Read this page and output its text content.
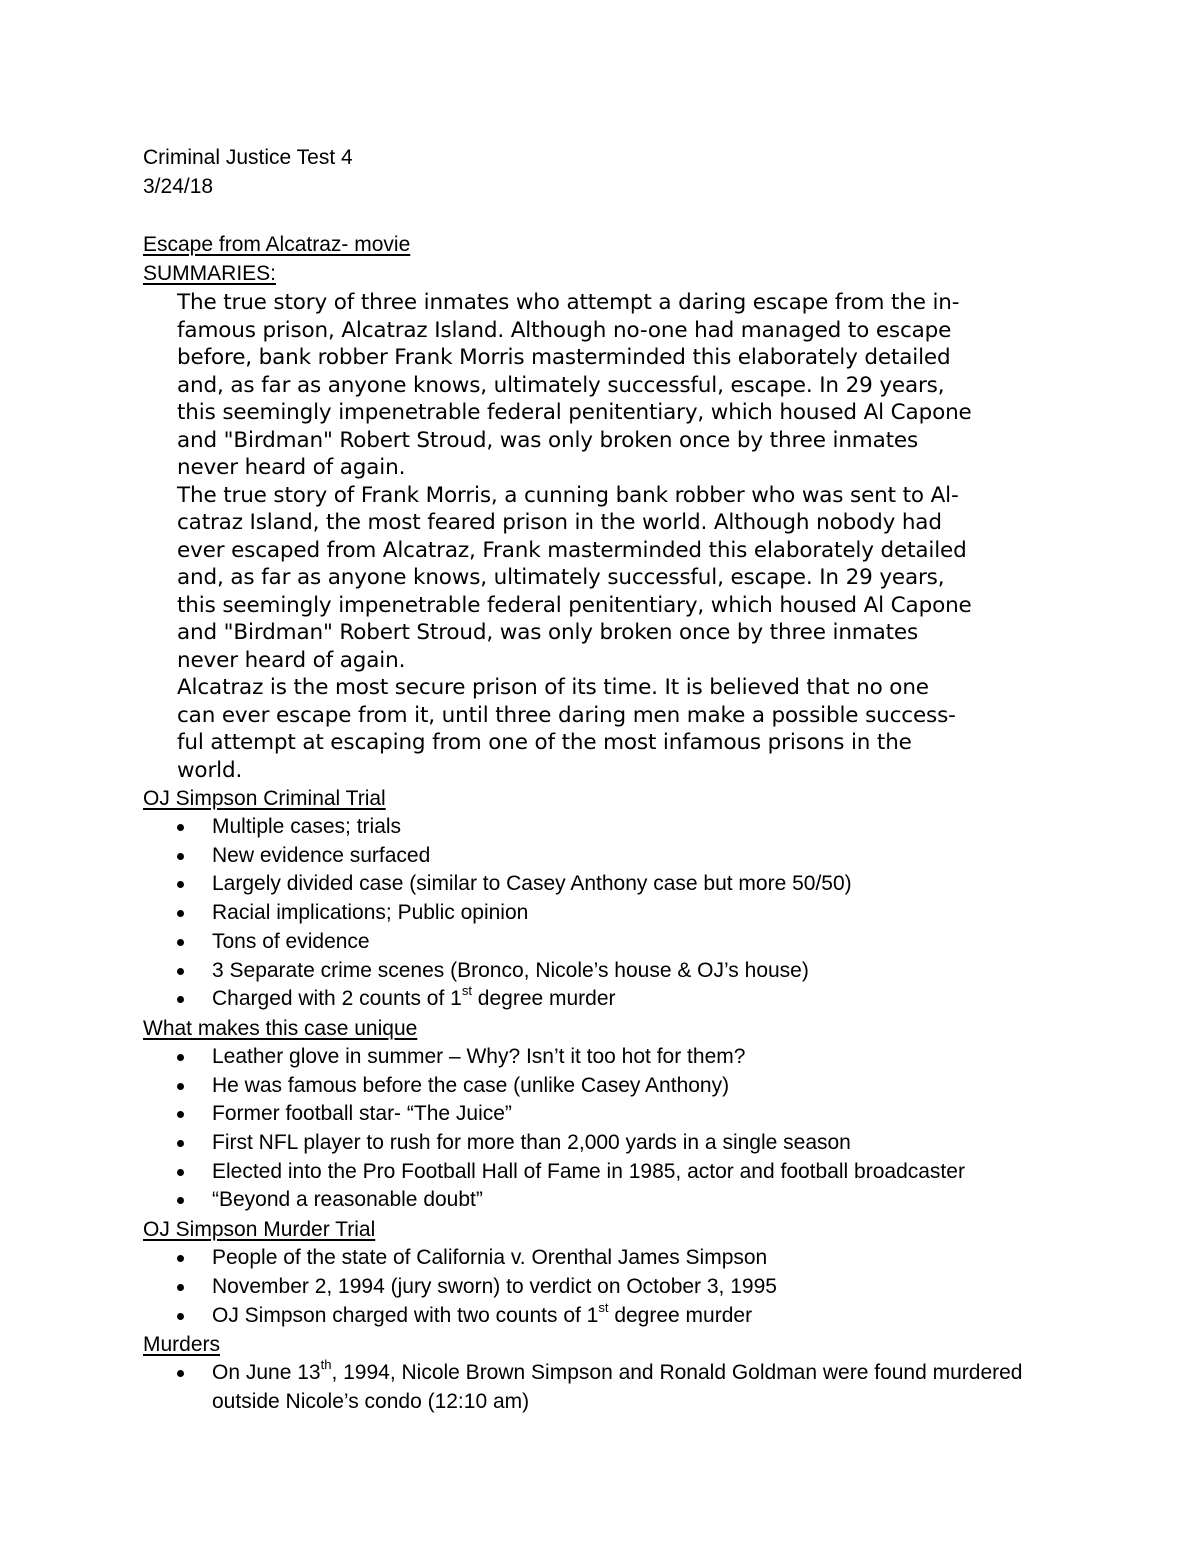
Criminal Justice Test 4
3/24/18
Escape from Alcatraz- movie
SUMMARIES:
The true story of three inmates who attempt a daring escape from the in-
famous prison, Alcatraz Island. Although no-one had managed to escape
before, bank robber Frank Morris masterminded this elaborately detailed
and, as far as anyone knows, ultimately successful, escape. In 29 years,
this seemingly impenetrable federal penitentiary, which housed Al Capone
and "Birdman" Robert Stroud, was only broken once by three inmates
never heard of again.
The true story of Frank Morris, a cunning bank robber who was sent to Al-
catraz Island, the most feared prison in the world. Although nobody had
ever escaped from Alcatraz, Frank masterminded this elaborately detailed
and, as far as anyone knows, ultimately successful, escape. In 29 years,
this seemingly impenetrable federal penitentiary, which housed Al Capone
and "Birdman" Robert Stroud, was only broken once by three inmates
never heard of again.
Alcatraz is the most secure prison of its time. It is believed that no one
can ever escape from it, until three daring men make a possible success-
ful attempt at escaping from one of the most infamous prisons in the
world.
OJ Simpson Criminal Trial
Multiple cases; trials
New evidence surfaced
Largely divided case (similar to Casey Anthony case but more 50/50)
Racial implications; Public opinion
Tons of evidence
3 Separate crime scenes (Bronco, Nicole’s house & OJ’s house)
Charged with 2 counts of 1st degree murder
What makes this case unique
Leather glove in summer – Why? Isn’t it too hot for them?
He was famous before the case (unlike Casey Anthony)
Former football star- “The Juice”
First NFL player to rush for more than 2,000 yards in a single season
Elected into the Pro Football Hall of Fame in 1985, actor and football broadcaster
“Beyond a reasonable doubt”
OJ Simpson Murder Trial
People of the state of California v. Orenthal James Simpson
November 2, 1994 (jury sworn) to verdict on October 3, 1995
OJ Simpson charged with two counts of 1st degree murder
Murders
On June 13th, 1994, Nicole Brown Simpson and Ronald Goldman were found murdered
outside Nicole’s condo (12:10 am)
